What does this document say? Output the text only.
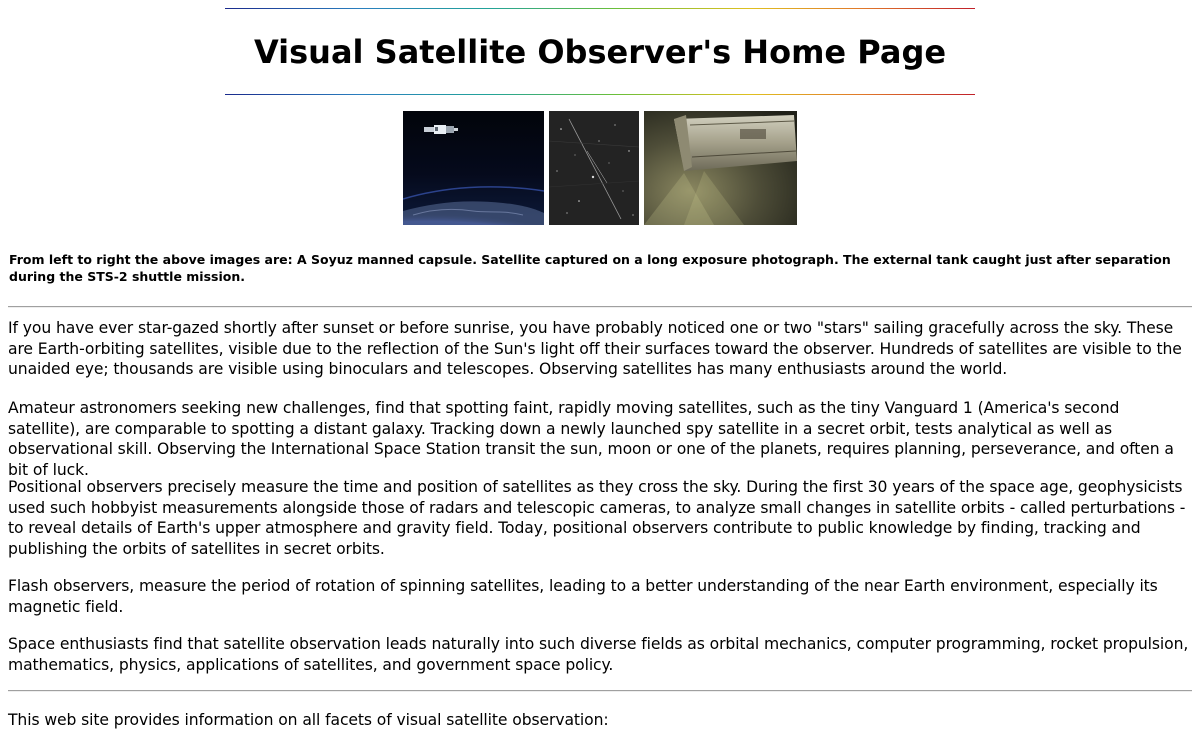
Visual Satellite Observer's Home Page

From left to right the above images are: A Soyuz manned capsule. Satellite captured on a long exposure photograph. The external tank caught just after separation during the STS-2 shuttle mission.

If you have ever star-gazed shortly after sunset or before sunrise, you have probably noticed one or two "stars" sailing gracefully across the sky. These are Earth-orbiting satellites, visible due to the reflection of the Sun's light off their surfaces toward the observer. Hundreds of satellites are visible to the unaided eye; thousands are visible using binoculars and telescopes. Observing satellites has many enthusiasts around the world.

Amateur astronomers seeking new challenges, find that spotting faint, rapidly moving satellites, such as the tiny Vanguard 1 (America's second satellite), are comparable to spotting a distant galaxy. Tracking down a newly launched spy satellite in a secret orbit, tests analytical as well as observational skill. Observing the International Space Station transit the sun, moon or one of the planets, requires planning, perseverance, and often a bit of luck.

Positional observers precisely measure the time and position of satellites as they cross the sky. During the first 30 years of the space age, geophysicists used such hobbyist measurements alongside those of radars and telescopic cameras, to analyze small changes in satellite orbits - called perturbations - to reveal details of Earth's upper atmosphere and gravity field. Today, positional observers contribute to public knowledge by finding, tracking and publishing the orbits of satellites in secret orbits.

Flash observers, measure the period of rotation of spinning satellites, leading to a better understanding of the near Earth environment, especially its magnetic field.

Space enthusiasts find that satellite observation leads naturally into such diverse fields as orbital mechanics, computer programming, rocket propulsion, mathematics, physics, applications of satellites, and government space policy.

This web site provides information on all facets of visual satellite observation:
